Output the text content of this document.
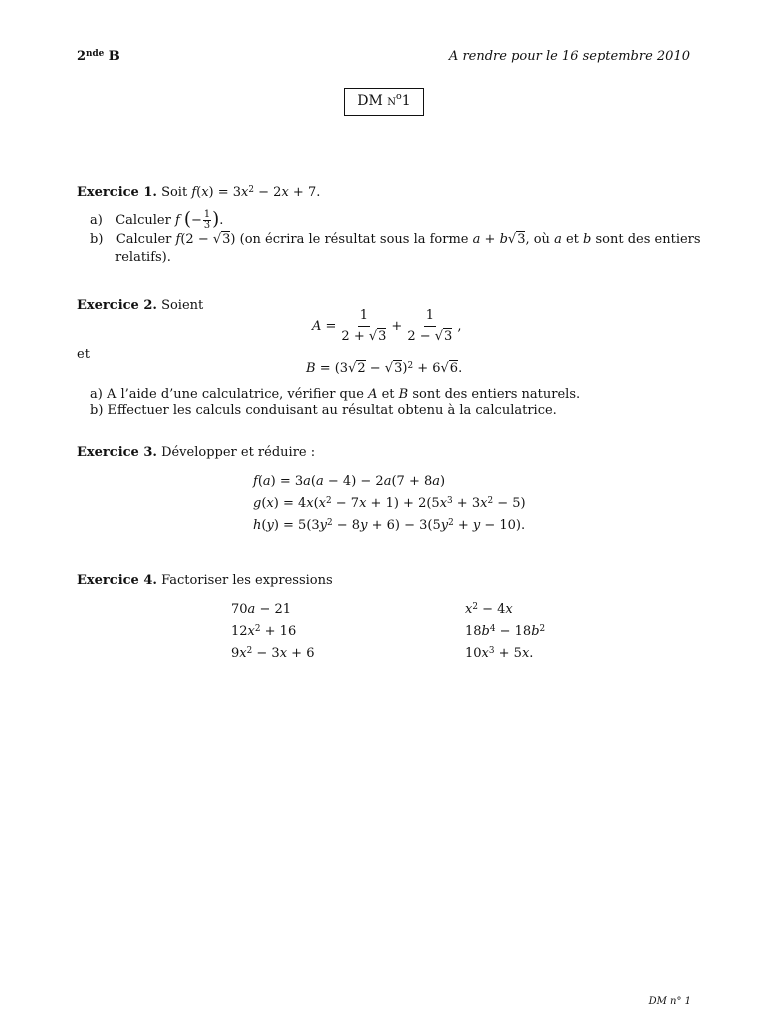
2nde B	A rendre pour le 16 septembre 2010
DM
$n^o$ 1
Exercice 1. Soit $f(x) = 3x^2 - 2x + 7$.
a) Calculer f (− $\frac{1}{3}$ ).
b) Calculer f(2 − √3) (on écrira le résultat sous la forme a + b√3, où a et b sont des entiers
relatifs).
Exercice 2. Soient
$A = \frac{1}{2 + √3} + \frac{1}{2 - √3}$ ,
et
$B = (3√2 - √3)^2 + 6√6$.
a) A l’aide d’une calculatrice, vérifier que A et B sont des entiers naturels.
b) Effectuer les calculs conduisant au résultat obtenu à la calculatrice.
Exercice 3. Développer et réduire :
f(a) = 3a(a − 4) − 2a(7 + 8a)
$g(x) = 4x(x^2 - 7x + 1) + 2(5x^3 + 3x^2 - 5)$
$h(y) = 5(3y^2 - 8y + 6) - 3(5y^2 + y - 10)$.
Exercice 4. Factoriser les expressions
70a − 21
$12x^2 + 16$
$9x^2 - 3x + 6$
$x^2 - 4x$
$18b^4 - 18b^2$
$10x^3 + 5x$.
DM n° 1
